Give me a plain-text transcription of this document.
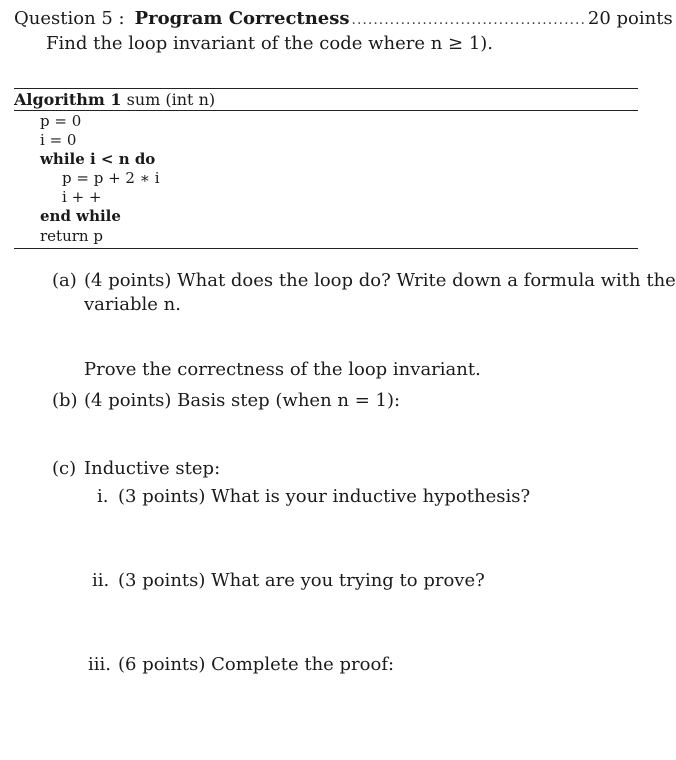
Question 5 : Program Correctness ........................................... 20 points
Find the loop invariant of the code where n ≥ 1).
Algorithm 1 sum (int n)
p = 0
i = 0
while i < n do
p = p + 2 ∗ i
i + +
end while
return p
(a) (4 points) What does the loop do? Write down a formula with the
variable n.
Prove the correctness of the loop invariant.
(b) (4 points) Basis step (when n = 1):
(c) Inductive step:
i. (3 points) What is your inductive hypothesis?
ii. (3 points) What are you trying to prove?
iii. (6 points) Complete the proof:
